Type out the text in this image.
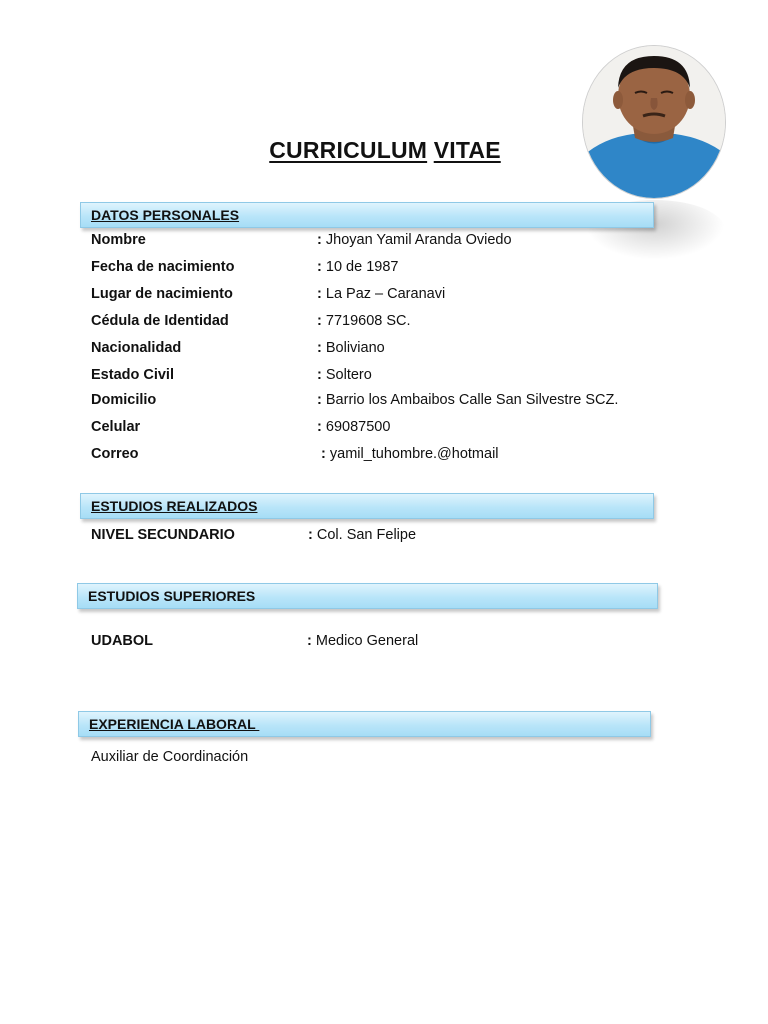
CURRICULUM VITAE
DATOS PERSONALES
Nombre	: Jhoyan Yamil Aranda Oviedo
Fecha de nacimiento	: 10 de 1987
Lugar de nacimiento	: La Paz – Caranavi
Cédula de Identidad	: 7719608 SC.
Nacionalidad	: Boliviano
Estado Civil	: Soltero
Domicilio	: Barrio los Ambaibos Calle San Silvestre SCZ.
Celular	: 69087500
Correo	: yamil_tuhombre.@hotmail
ESTUDIOS REALIZADOS
NIVEL SECUNDARIO	: Col. San Felipe
ESTUDIOS SUPERIORES
UDABOL	: Medico General
EXPERIENCIA LABORAL
Auxiliar de Coordinación
